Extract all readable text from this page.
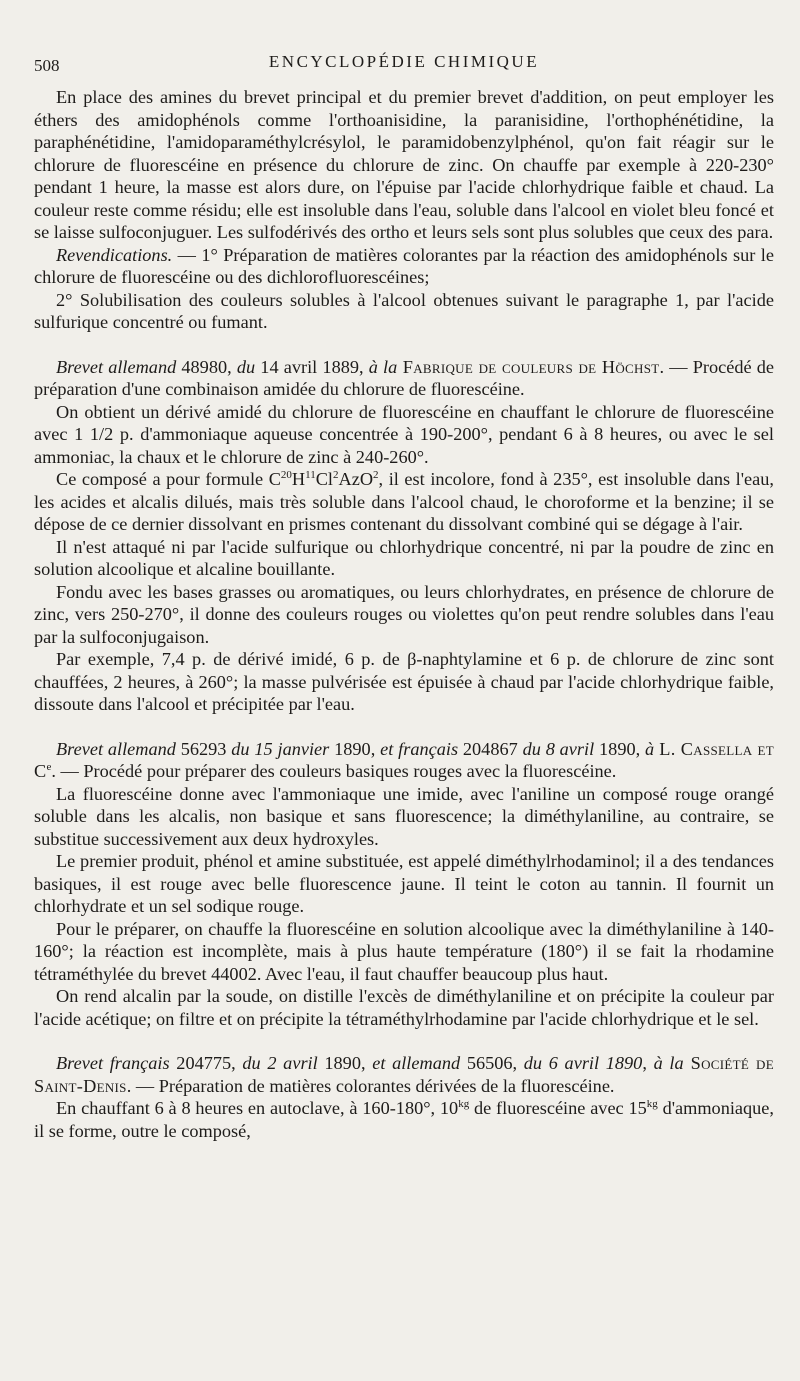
508	ENCYCLOPÉDIE CHIMIQUE

En place des amines du brevet principal et du premier brevet d'addition, on peut employer les éthers des amidophénols comme l'orthoanisidine, la paranisidine, l'orthophénétidine, la paraphénétidine, l'amidoparaméthylcrésylol, le paramidobenzylphénol, qu'on fait réagir sur le chlorure de fluorescéine en présence du chlorure de zinc. On chauffe par exemple à 220-230° pendant 1 heure, la masse est alors dure, on l'épuise par l'acide chlorhydrique faible et chaud. La couleur reste comme résidu; elle est insoluble dans l'eau, soluble dans l'alcool en violet bleu foncé et se laisse sulfoconjuguer. Les sulfodérivés des ortho et leurs sels sont plus solubles que ceux des para.

Revendications. — 1° Préparation de matières colorantes par la réaction des amidophénols sur le chlorure de fluorescéine ou des dichlorofluorescéines;

2° Solubilisation des couleurs solubles à l'alcool obtenues suivant le paragraphe 1, par l'acide sulfurique concentré ou fumant.

Brevet allemand 48980, du 14 avril 1889, à la Fabrique de couleurs de Höchst. — Procédé de préparation d'une combinaison amidée du chlorure de fluorescéine.

On obtient un dérivé amidé du chlorure de fluorescéine en chauffant le chlorure de fluorescéine avec 1 1/2 p. d'ammoniaque aqueuse concentrée à 190-200°, pendant 6 à 8 heures, ou avec le sel ammoniac, la chaux et le chlorure de zinc à 240-260°.

Ce composé a pour formule $C^{20}H^{11}Cl^2AzO^2$, il est incolore, fond à 235°, est insoluble dans l'eau, les acides et alcalis dilués, mais très soluble dans l'alcool chaud, le choroforme et la benzine; il se dépose de ce dernier dissolvant en prismes contenant du dissolvant combiné qui se dégage à l'air.

Il n'est attaqué ni par l'acide sulfurique ou chlorhydrique concentré, ni par la poudre de zinc en solution alcoolique et alcaline bouillante.

Fondu avec les bases grasses ou aromatiques, ou leurs chlorhydrates, en présence de chlorure de zinc, vers 250-270°, il donne des couleurs rouges ou violettes qu'on peut rendre solubles dans l'eau par la sulfoconjugaison.

Par exemple, 7,4 p. de dérivé imidé, 6 p. de β-naphtylamine et 6 p. de chlorure de zinc sont chauffées, 2 heures, à 260°; la masse pulvérisée est épuisée à chaud par l'acide chlorhydrique faible, dissoute dans l'alcool et précipitée par l'eau.

Brevet allemand 56293 du 15 janvier 1890, et français 204867 du 8 avril 1890, à L. Cassella et Ce. — Procédé pour préparer des couleurs basiques rouges avec la fluorescéine.

La fluorescéine donne avec l'ammoniaque une imide, avec l'aniline un composé rouge orangé soluble dans les alcalis, non basique et sans fluorescence; la diméthylaniline, au contraire, se substitue successivement aux deux hydroxyles.

Le premier produit, phénol et amine substituée, est appelé diméthylrhodaminol; il a des tendances basiques, il est rouge avec belle fluorescence jaune. Il teint le coton au tannin. Il fournit un chlorhydrate et un sel sodique rouge.

Pour le préparer, on chauffe la fluorescéine en solution alcoolique avec la diméthylaniline à 140-160°; la réaction est incomplète, mais à plus haute température (180°) il se fait la rhodamine tétraméthylée du brevet 44002. Avec l'eau, il faut chauffer beaucoup plus haut.

On rend alcalin par la soude, on distille l'excès de diméthylaniline et on précipite la couleur par l'acide acétique; on filtre et on précipite la tétraméthylrhodamine par l'acide chlorhydrique et le sel.

Brevet français 204775, du 2 avril 1890, et allemand 56506, du 6 avril 1890, à la Société de Saint-Denis. — Préparation de matières colorantes dérivées de la fluorescéine.

En chauffant 6 à 8 heures en autoclave, à 160-180°, $10^{kg}$ de fluorescéine avec $15^{kg}$ d'ammoniaque, il se forme, outre le composé,
